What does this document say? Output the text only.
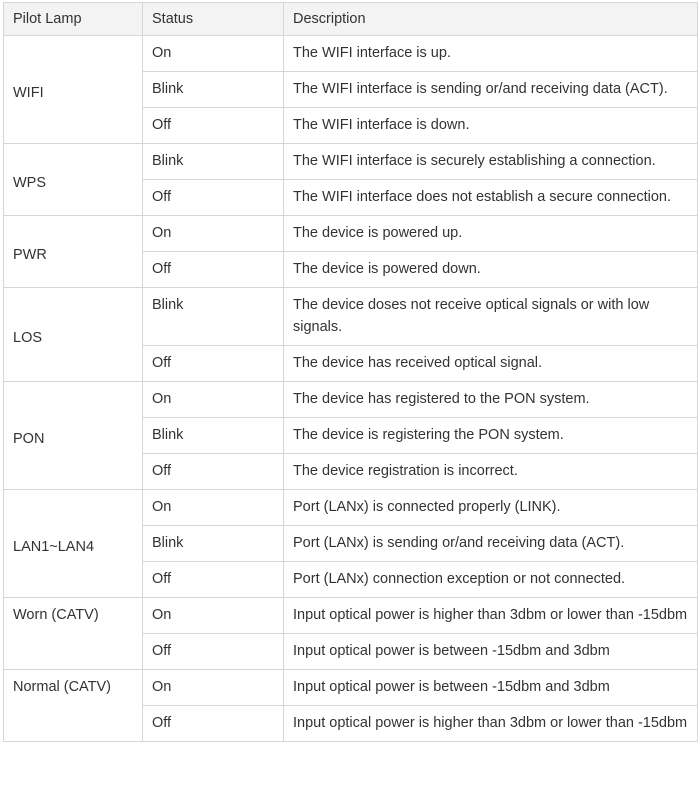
Pilot Lamp	Status	Description
WIFI	On	The WIFI interface is up.
	Blink	The WIFI interface is sending or/and receiving data (ACT).
	Off	The WIFI interface is down.
WPS	Blink	The WIFI interface is securely establishing a connection.
	Off	The WIFI interface does not establish a secure connection.
PWR	On	The device is powered up.
	Off	The device is powered down.
LOS	Blink	The device doses not receive optical signals or with low signals.
	Off	The device has received optical signal.
PON	On	The device has registered to the PON system.
	Blink	The device is registering the PON system.
	Off	The device registration is incorrect.
LAN1~LAN4	On	Port (LANx) is connected properly (LINK).
	Blink	Port (LANx) is sending or/and receiving data (ACT).
	Off	Port (LANx) connection exception or not connected.
Worn (CATV)	On	Input optical power is higher than 3dbm or lower than -15dbm
	Off	Input optical power is between -15dbm and 3dbm
Normal (CATV)	On	Input optical power is between -15dbm and 3dbm
	Off	Input optical power is higher than 3dbm or lower than -15dbm
